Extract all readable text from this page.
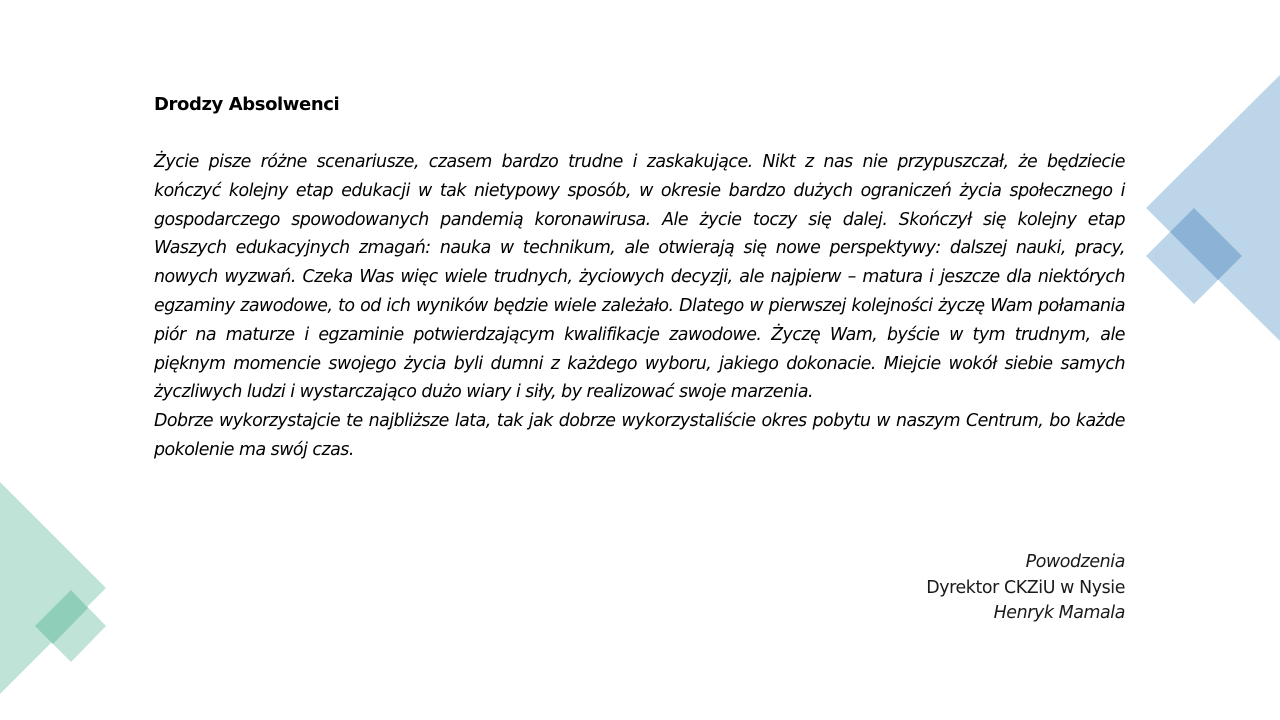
Drodzy Absolwenci

Życie pisze różne scenariusze, czasem bardzo trudne i zaskakujące. Nikt z nas nie przypuszczał, że będziecie kończyć kolejny etap edukacji w tak nietypowy sposób, w okresie bardzo dużych ograniczeń życia społecznego i gospodarczego spowodowanych pandemią koronawirusa. Ale życie toczy się dalej. Skończył się kolejny etap Waszych edukacyjnych zmagań: nauka w technikum, ale otwierają się nowe perspektywy: dalszej nauki, pracy, nowych wyzwań. Czeka Was więc wiele trudnych, życiowych decyzji, ale najpierw – matura i jeszcze dla niektórych egzaminy zawodowe, to od ich wyników będzie wiele zależało. Dlatego w pierwszej kolejności życzę Wam połamania piór na maturze i egzaminie potwierdzającym kwalifikacje zawodowe. Życzę Wam, byście w tym trudnym, ale pięknym momencie swojego życia byli dumni z każdego wyboru, jakiego dokonacie. Miejcie wokół siebie samych życzliwych ludzi i wystarczająco dużo wiary i siły, by realizować swoje marzenia.

Dobrze wykorzystajcie te najbliższe lata, tak jak dobrze wykorzystaliście okres pobytu w naszym Centrum, bo każde pokolenie ma swój czas.

Powodzenia
Dyrektor CKZiU w Nysie
Henryk Mamala
